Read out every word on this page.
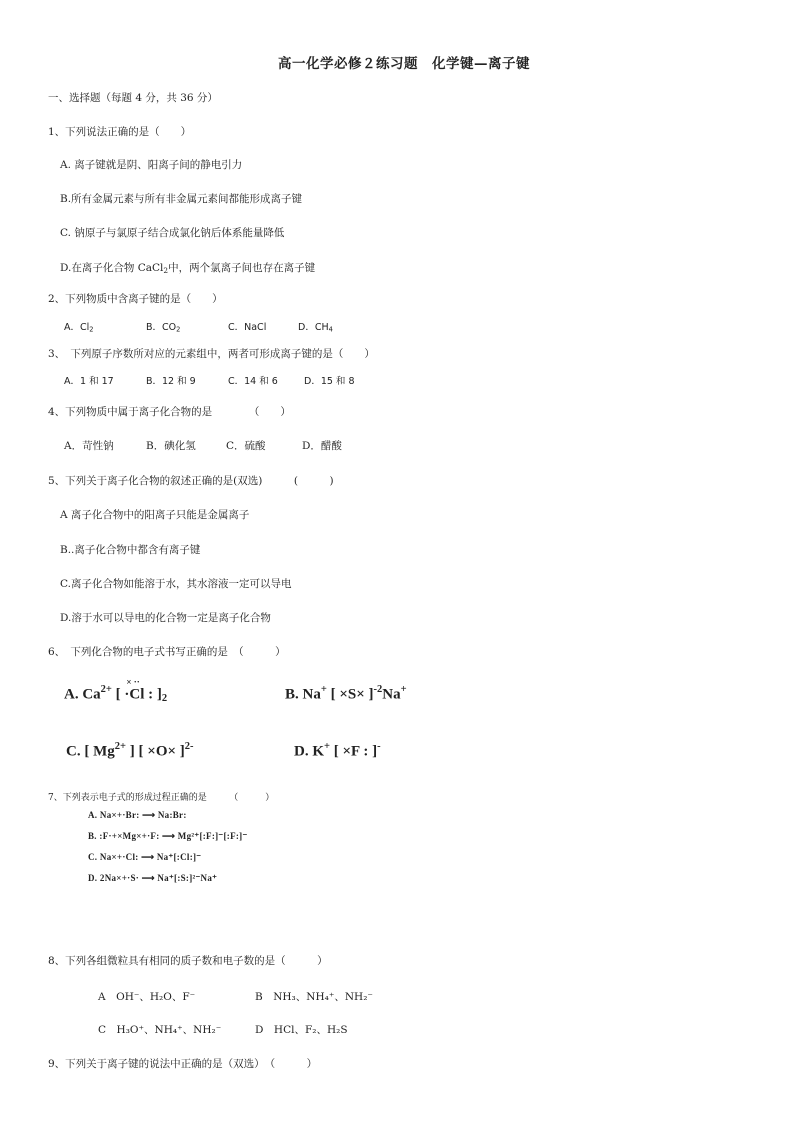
高一化学必修２练习题　化学键—离子键
一、选择题（每题 4 分，共 36 分）
1、下列说法正确的是（　　）
A. 离子键就是阴、阳离子间的静电引力
B.所有金属元素与所有非金属元素间都能形成离子键
C. 钠原子与氯原子结合成氯化钠后体系能量降低
D.在离子化合物 CaCl$_2$中，两个氯离子间也存在离子键
2、下列物质中含离子键的是（　　）
A．$Cl_2$	B．$CO_2$	C．NaCl	D．$CH_4$
3、　下列原子序数所对应的元素组中，两者可形成离子键的是（　　）
A．1 和 17	B．12 和 9	C．14 和 6	D．15 和 8
4、下列物质中属于离子化合物的是　　　　（　　）
A．苛性钠	B．碘化氢	C．硫酸	D．醋酸
5、下列关于离子化合物的叙述正确的是(双选)　　　(　　　)
A 离子化合物中的阳离子只能是金属离子
B..离子化合物中都含有离子键
C.离子化合物如能溶于水，其水溶液一定可以导电
D.溶于水可以导电的化合物一定是离子化合物
6、　下列化合物的电子式书写正确的是　（　　　）
A. $Ca^{2+}$ [
× ··
·Cl : ]$_2$	B. Na+ [ ×S× ]$^{-2}$Na+
C. [ $Mg^{2+}$ ] [ ×O× ]$^{2-}$	D. K+ [ ×F : ]-
7、下列表示电子式的形成过程正确的是　　　（　　　）
A. Na×+·Br: ⟶ Na:Br:
B. :F·+×Mg×+·F: ⟶ Mg²⁺[:F:]⁻[:F:]⁻
C. Na×+·Cl: ⟶ Na⁺[:Cl:]⁻
D. 2Na×+·S· ⟶ Na⁺[:S:]²⁻Na⁺
8、下列各组微粒具有相同的质子数和电子数的是（　　　）
A　OH⁻、H₂O、F⁻	B　NH₃、NH₄⁺、NH₂⁻
C　H₃O⁺、NH₄⁺、NH₂⁻	D　HCl、F₂、H₂S
9、下列关于离子键的说法中正确的是（双选）　（　　　）
